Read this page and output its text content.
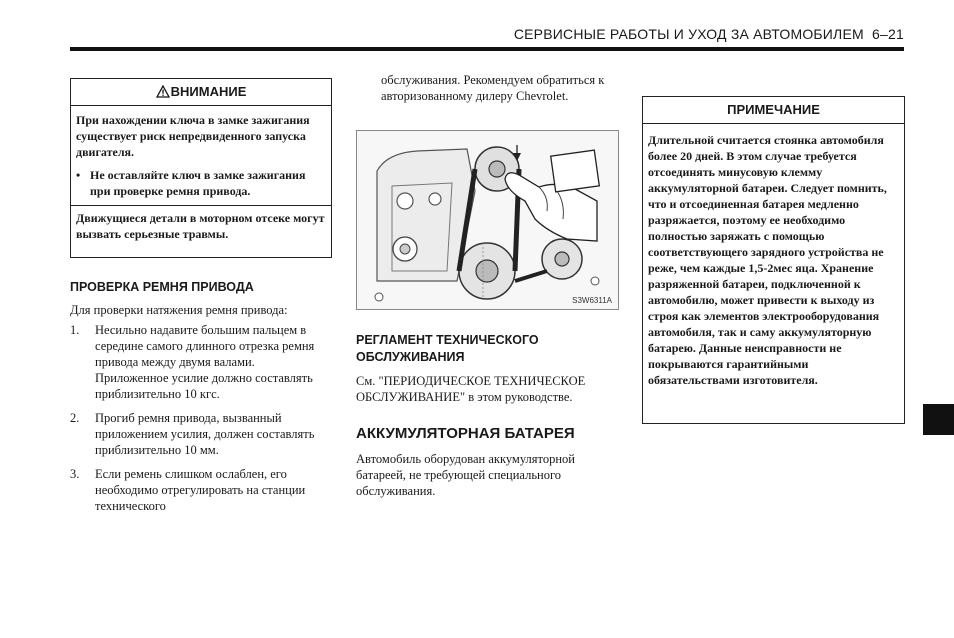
СЕРВИСНЫЕ РАБОТЫ И УХОД ЗА АВТОМОБИЛЕМ 6–21
ВНИМАНИЕ

При нахождении ключа в замке зажигания существует риск непредвиденного запуска двигателя.

• Не оставляйте ключ в замке зажигания при проверке ремня привода.

Движущиеся детали в моторном отсеке могут вызвать серьезные травмы.

ПРОВЕРКА РЕМНЯ ПРИВОДА
Для проверки натяжения ремня привода:
1.	Несильно надавите большим пальцем в середине самого длинного отрезка ремня привода между двумя валами. Приложенное усилие должно составлять приблизительно 10 кгс.
2.	Прогиб ремня привода, вызванный приложением усилия, должен составлять приблизительно 10 мм.
3.	Если ремень слишком ослаблен, его необходимо отрегулировать на станции технического
обслуживания. Рекомендуем обратиться к авторизованному дилеру Chevrolet.
S3W6311A
РЕГЛАМЕНТ ТЕХНИЧЕСКОГО ОБСЛУЖИВАНИЯ
См. "ПЕРИОДИЧЕСКОЕ ТЕХНИЧЕСКОЕ ОБСЛУЖИВАНИЕ" в этом руководстве.
АККУМУЛЯТОРНАЯ БАТАРЕЯ
Автомобиль оборудован аккумуляторной батареей, не требующей специального обслуживания.
ПРИМЕЧАНИЕ
Длительной считается стоянка автомобиля более 20 дней. В этом случае требуется отсоединять минусовую клемму аккумуляторной батареи. Следует помнить, что и отсоединенная батарея медленно разряжается, поэтому ее необходимо полностью заряжать с помощью соответствующего зарядного устройства не реже, чем каждые 1,5-2мес яца. Хранение разряженной батареи, подключенной к автомобилю, может привести к выходу из строя как элементов электрооборудования автомобиля, так и саму аккумуляторную батарею. Данные неисправности не покрываются гарантийными обязательствами изготовителя.
